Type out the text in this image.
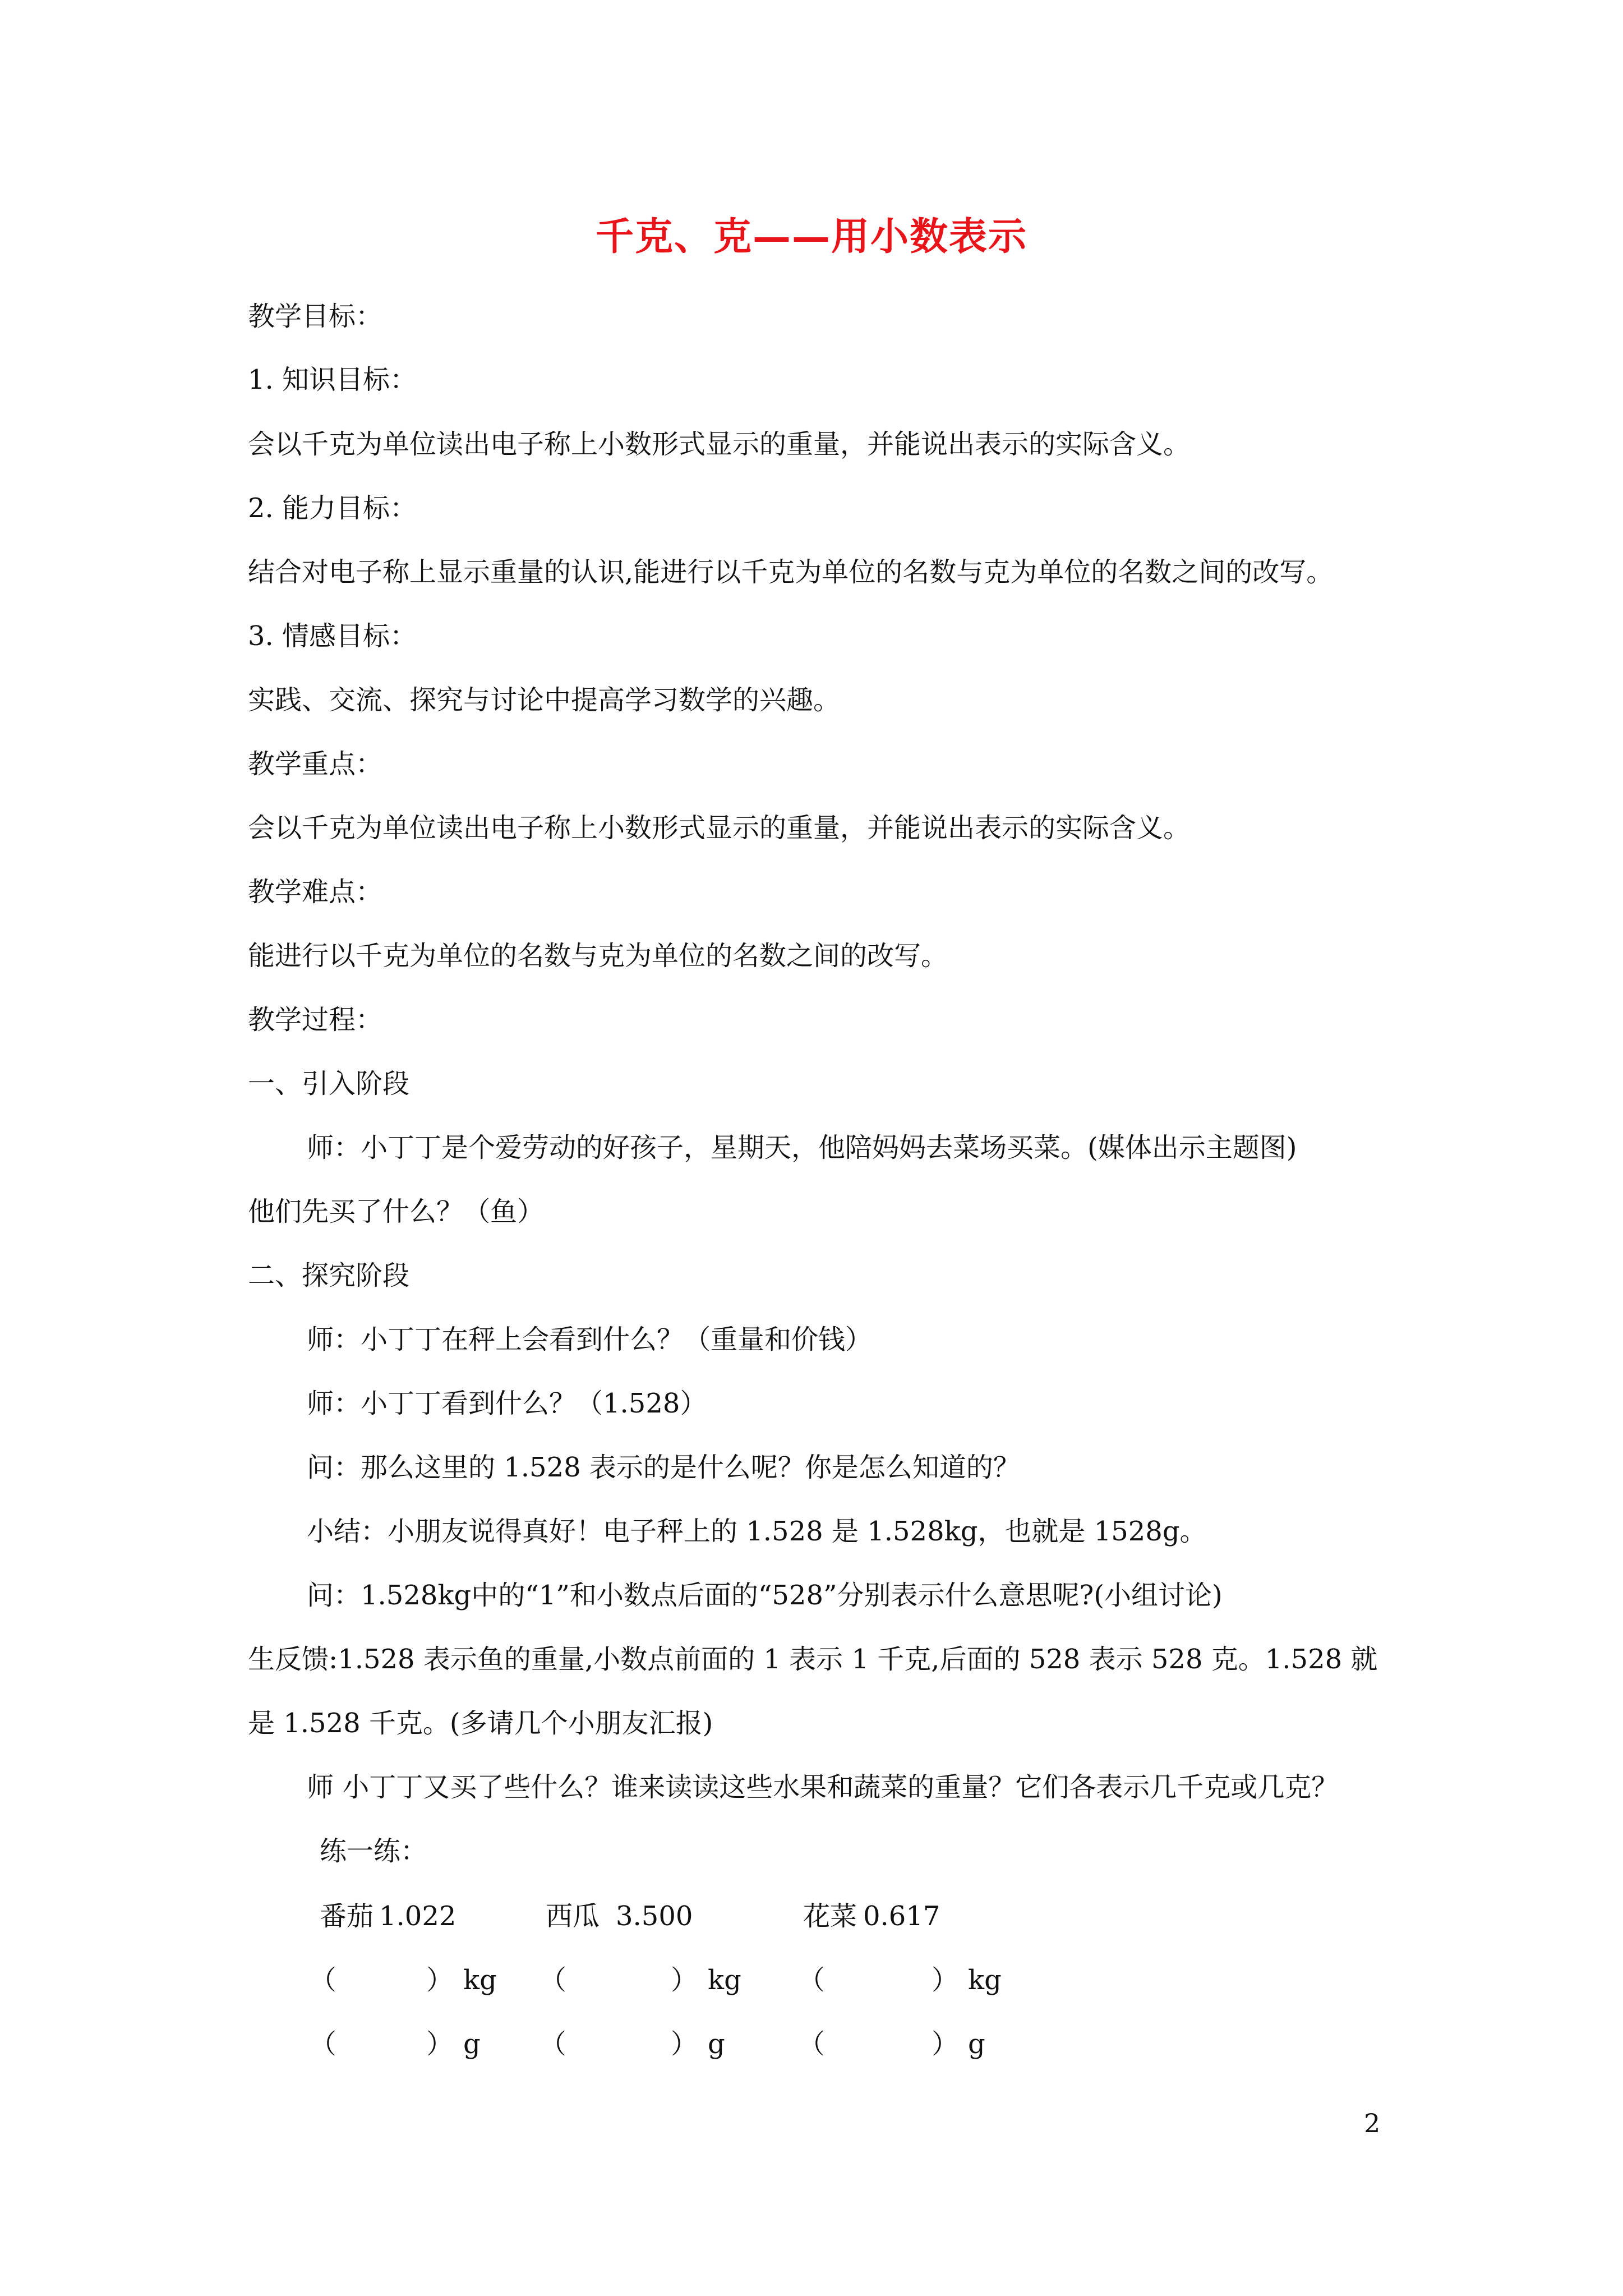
千克、克——用小数表示

教学目标：

1. 知识目标：

会以千克为单位读出电子称上小数形式显示的重量，并能说出表示的实际含义。

2. 能力目标：

结合对电子称上显示重量的认识,能进行以千克为单位的名数与克为单位的名数之间的改写。

3. 情感目标：

实践、交流、探究与讨论中提高学习数学的兴趣。

教学重点：

会以千克为单位读出电子称上小数形式显示的重量，并能说出表示的实际含义。

教学难点：

能进行以千克为单位的名数与克为单位的名数之间的改写。

教学过程：

一、引入阶段

师：小丁丁是个爱劳动的好孩子，星期天，他陪妈妈去菜场买菜。(媒体出示主题图)

他们先买了什么？（鱼）

二、探究阶段

师：小丁丁在秤上会看到什么？（重量和价钱）

师：小丁丁看到什么？（1.528）

问：那么这里的 1.528 表示的是什么呢？你是怎么知道的？

小结：小朋友说得真好！电子秤上的 1.528 是 1.528kg，也就是 1528g。

问：1.528kg中的“1”和小数点后面的“528”分别表示什么意思呢?(小组讨论)

生反馈:1.528 表示鱼的重量,小数点前面的 1 表示 1 千克,后面的 528 表示 528 克。1.528 就

是 1.528 千克。(多请几个小朋友汇报)

师 小丁丁又买了些什么？谁来读读这些水果和蔬菜的重量？它们各表示几千克或几克？

练一练：

番茄 1.022	西瓜 3.500	花菜 0.617
（	） kg （	） kg （	） kg
（	） g （	） g	（	） g
2
